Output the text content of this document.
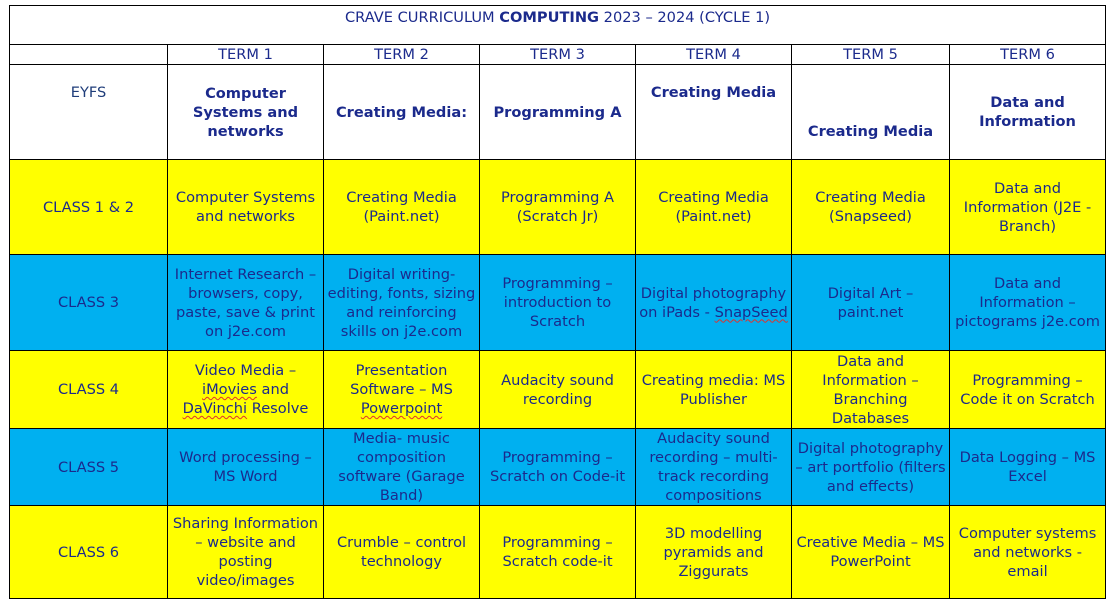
CRAVE CURRICULUM COMPUTING 2023 – 2024 (CYCLE 1)						
	TERM 1	TERM 2	TERM 3	TERM 4	TERM 5	TERM 6
EYFS	Computer Systems and networks	Creating Media:	Programming A	Creating Media	Creating Media	Data and Information
CLASS 1 & 2	Computer Systems and networks	Creating Media (Paint.net)	Programming A (Scratch Jr)	Creating Media (Paint.net)	Creating Media (Snapseed)	Data and Information (J2E - Branch)
CLASS 3	Internet Research – browsers, copy, paste, save & print on j2e.com	Digital writing- editing, fonts, sizing and reinforcing skills on j2e.com	Programming – introduction to Scratch	Digital photography on iPads - SnapSeed	Digital Art – paint.net	Data and Information – pictograms j2e.com
CLASS 4	Video Media – iMovies and DaVinchi Resolve	Presentation Software – MS Powerpoint	Audacity sound recording	Creating media: MS Publisher	Data and Information – Branching Databases	Programming – Code it on Scratch
CLASS 5	Word processing – MS Word	Media- music composition software (Garage Band)	Programming – Scratch on Code-it	Audacity sound recording – multi-track recording compositions	Digital photography – art portfolio (filters and effects)	Data Logging – MS Excel
CLASS 6	Sharing Information – website and posting video/images	Crumble – control technology	Programming – Scratch code-it	3D modelling pyramids and Ziggurats	Creative Media – MS PowerPoint	Computer systems and networks - email
